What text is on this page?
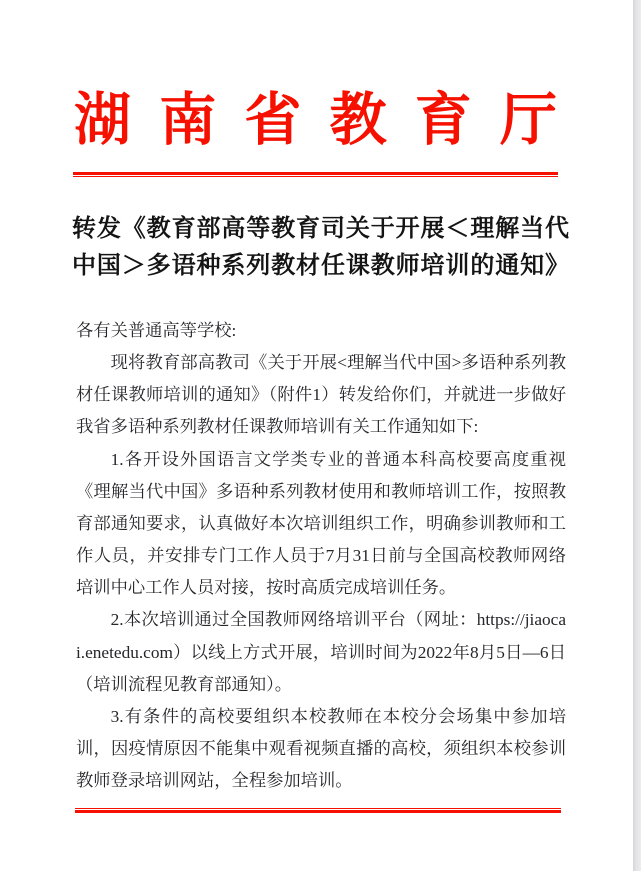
湖南省教育厅
转发《教育部高等教育司关于开展＜理解当代中国＞多语种系列教材任课教师培训的通知》

各有关普通高等学校:

现将教育部高教司《关于开展<理解当代中国>多语种系列教材任课教师培训的通知》（附件1）转发给你们，并就进一步做好我省多语种系列教材任课教师培训有关工作通知如下:

1.各开设外国语言文学类专业的普通本科高校要高度重视《理解当代中国》多语种系列教材使用和教师培训工作，按照教育部通知要求，认真做好本次培训组织工作，明确参训教师和工作人员，并安排专门工作人员于7月31日前与全国高校教师网络培训中心工作人员对接，按时高质完成培训任务。

2.本次培训通过全国教师网络培训平台（网址：https://jiaocai.enetedu.com）以线上方式开展，培训时间为2022年8月5日—6日（培训流程见教育部通知）。

3.有条件的高校要组织本校教师在本校分会场集中参加培训，因疫情原因不能集中观看视频直播的高校，须组织本校参训教师登录培训网站，全程参加培训。
